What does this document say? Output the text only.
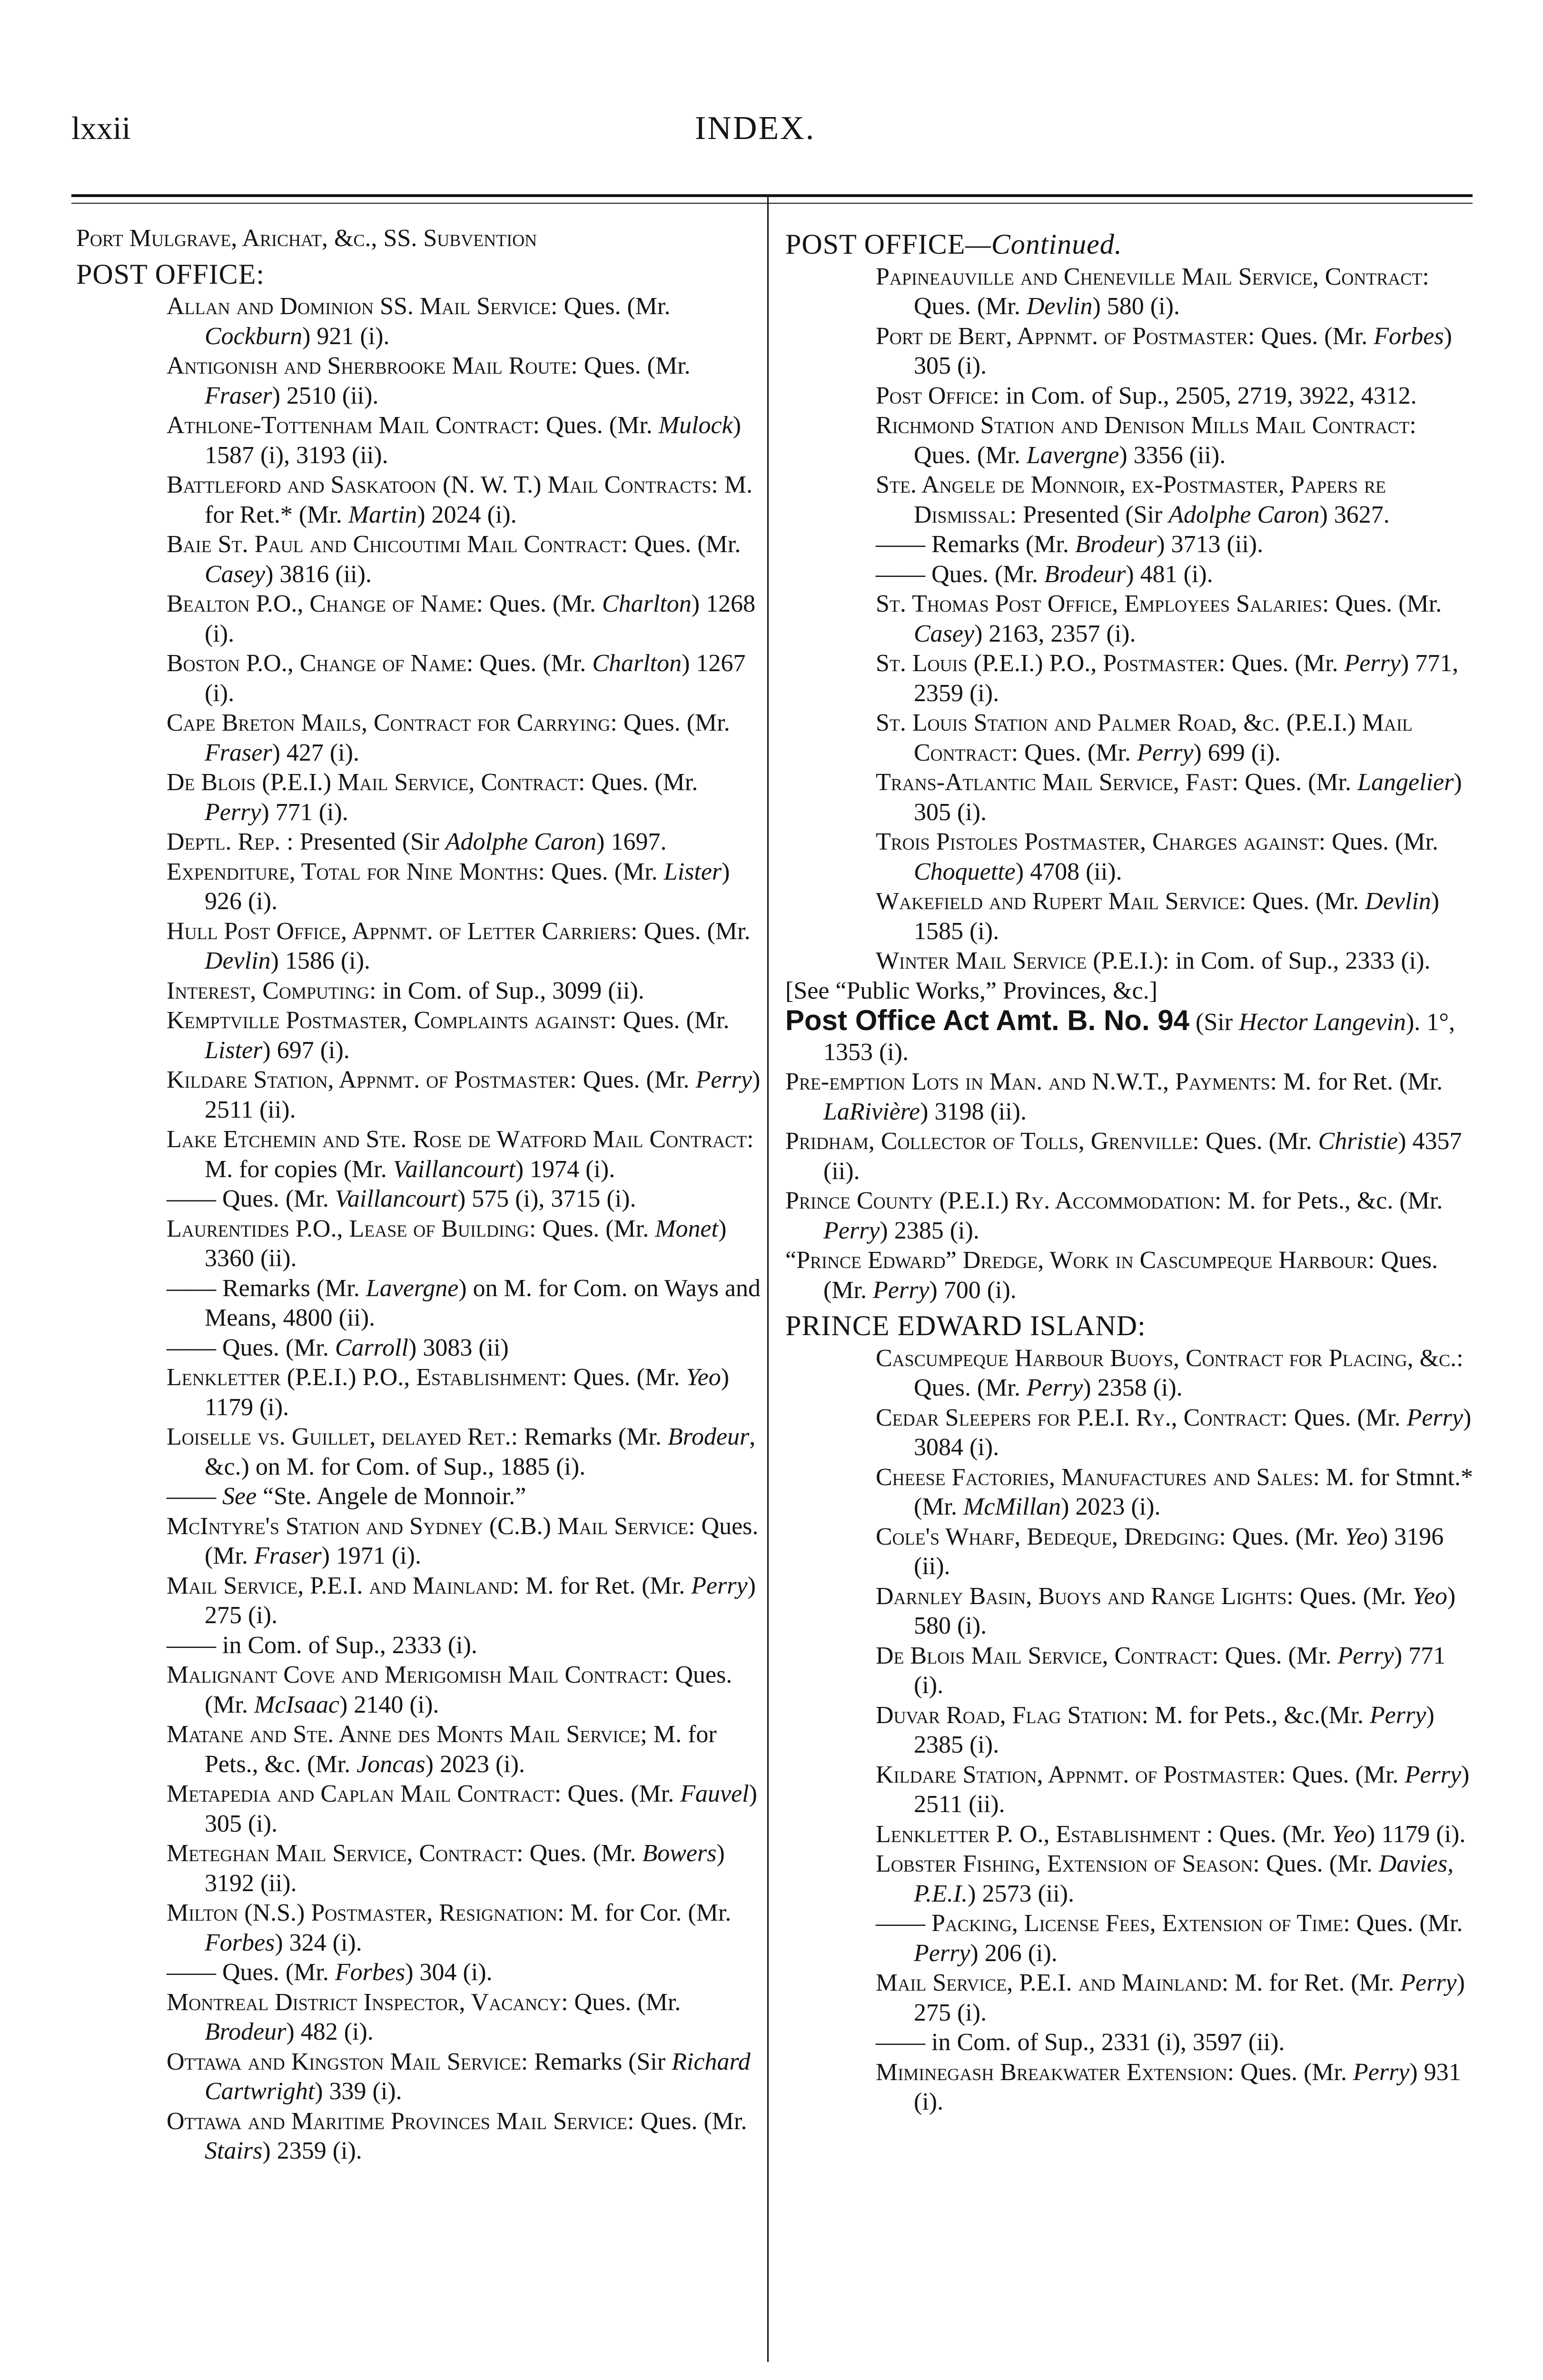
lxxii	INDEX.

Port Mulgrave, Arichat, &c., SS. Subvention

POST OFFICE:

Allan and Dominion SS. Mail Service: Ques. (Mr. Cockburn) 921 (i).

Antigonish and Sherbrooke Mail Route: Ques. (Mr. Fraser) 2510 (ii).

Athlone-Tottenham Mail Contract: Ques. (Mr. Mulock) 1587 (i), 3193 (ii).

Battleford and Saskatoon (N. W. T.) Mail Contracts: M. for Ret.* (Mr. Martin) 2024 (i).

Baie St. Paul and Chicoutimi Mail Contract: Ques. (Mr. Casey) 3816 (ii).

Bealton P.O., Change of Name: Ques. (Mr. Charlton) 1268 (i).

Boston P.O., Change of Name: Ques. (Mr. Charlton) 1267 (i).

Cape Breton Mails, Contract for Carrying: Ques. (Mr. Fraser) 427 (i).

De Blois (P.E.I.) Mail Service, Contract: Ques. (Mr. Perry) 771 (i).

Deptl. Rep. : Presented (Sir Adolphe Caron) 1697.

Expenditure, Total for Nine Months: Ques. (Mr. Lister) 926 (i).

Hull Post Office, Appnmt. of Letter Carriers: Ques. (Mr. Devlin) 1586 (i).

Interest, Computing: in Com. of Sup., 3099 (ii).

Kemptville Postmaster, Complaints against: Ques. (Mr. Lister) 697 (i).

Kildare Station, Appnmt. of Postmaster: Ques. (Mr. Perry) 2511 (ii).

Lake Etchemin and Ste. Rose de Watford Mail Contract: M. for copies (Mr. Vaillancourt) 1974 (i).

—— Ques. (Mr. Vaillancourt) 575 (i), 3715 (i).

Laurentides P.O., Lease of Building: Ques. (Mr. Monet) 3360 (ii).

—— Remarks (Mr. Lavergne) on M. for Com. on Ways and Means, 4800 (ii).

—— Ques. (Mr. Carroll) 3083 (ii)

Lenkletter (P.E.I.) P.O., Establishment: Ques. (Mr. Yeo) 1179 (i).

Loiselle vs. Guillet, delayed Ret.: Remarks (Mr. Brodeur, &c.) on M. for Com. of Sup., 1885 (i).

—— See “Ste. Angele de Monnoir.”

McIntyre's Station and Sydney (C.B.) Mail Service: Ques. (Mr. Fraser) 1971 (i).

Mail Service, P.E.I. and Mainland: M. for Ret. (Mr. Perry) 275 (i).

—— in Com. of Sup., 2333 (i).

Malignant Cove and Merigomish Mail Contract: Ques. (Mr. McIsaac) 2140 (i).

Matane and Ste. Anne des Monts Mail Service; M. for Pets., &c. (Mr. Joncas) 2023 (i).

Metapedia and Caplan Mail Contract: Ques. (Mr. Fauvel) 305 (i).

Meteghan Mail Service, Contract: Ques. (Mr. Bowers) 3192 (ii).

Milton (N.S.) Postmaster, Resignation: M. for Cor. (Mr. Forbes) 324 (i).

—— Ques. (Mr. Forbes) 304 (i).

Montreal District Inspector, Vacancy: Ques. (Mr. Brodeur) 482 (i).

Ottawa and Kingston Mail Service: Remarks (Sir Richard Cartwright) 339 (i).

Ottawa and Maritime Provinces Mail Service: Ques. (Mr. Stairs) 2359 (i).

POST OFFICE—Continued.

Papineauville and Cheneville Mail Service, Contract: Ques. (Mr. Devlin) 580 (i).

Port de Bert, Appnmt. of Postmaster: Ques. (Mr. Forbes) 305 (i).

Post Office: in Com. of Sup., 2505, 2719, 3922, 4312.

Richmond Station and Denison Mills Mail Contract: Ques. (Mr. Lavergne) 3356 (ii).

Ste. Angele de Monnoir, ex-Postmaster, Papers re Dismissal: Presented (Sir Adolphe Caron) 3627.

—— Remarks (Mr. Brodeur) 3713 (ii).

—— Ques. (Mr. Brodeur) 481 (i).

St. Thomas Post Office, Employees Salaries: Ques. (Mr. Casey) 2163, 2357 (i).

St. Louis (P.E.I.) P.O., Postmaster: Ques. (Mr. Perry) 771, 2359 (i).

St. Louis Station and Palmer Road, &c. (P.E.I.) Mail Contract: Ques. (Mr. Perry) 699 (i).

Trans-Atlantic Mail Service, Fast: Ques. (Mr. Langelier) 305 (i).

Trois Pistoles Postmaster, Charges against: Ques. (Mr. Choquette) 4708 (ii).

Wakefield and Rupert Mail Service: Ques. (Mr. Devlin) 1585 (i).

Winter Mail Service (P.E.I.): in Com. of Sup., 2333 (i).

[See “Public Works,” Provinces, &c.]

Post Office Act Amt. B. No. 94 (Sir Hector Langevin). 1°, 1353 (i).

Pre-emption Lots in Man. and N.W.T., Payments: M. for Ret. (Mr. LaRivière) 3198 (ii).

Pridham, Collector of Tolls, Grenville: Ques. (Mr. Christie) 4357 (ii).

Prince County (P.E.I.) Ry. Accommodation: M. for Pets., &c. (Mr. Perry) 2385 (i).

“Prince Edward” Dredge, Work in Cascumpeque Harbour: Ques. (Mr. Perry) 700 (i).

PRINCE EDWARD ISLAND:

Cascumpeque Harbour Buoys, Contract for Placing, &c.: Ques. (Mr. Perry) 2358 (i).

Cedar Sleepers for P.E.I. Ry., Contract: Ques. (Mr. Perry) 3084 (i).

Cheese Factories, Manufactures and Sales: M. for Stmnt.* (Mr. McMillan) 2023 (i).

Cole's Wharf, Bedeque, Dredging: Ques. (Mr. Yeo) 3196 (ii).

Darnley Basin, Buoys and Range Lights: Ques. (Mr. Yeo) 580 (i).

De Blois Mail Service, Contract: Ques. (Mr. Perry) 771 (i).

Duvar Road, Flag Station: M. for Pets., &c.(Mr. Perry) 2385 (i).

Kildare Station, Appnmt. of Postmaster: Ques. (Mr. Perry) 2511 (ii).

Lenkletter P. O., Establishment : Ques. (Mr. Yeo) 1179 (i).

Lobster Fishing, Extension of Season: Ques. (Mr. Davies, P.E.I.) 2573 (ii).

—— Packing, License Fees, Extension of Time: Ques. (Mr. Perry) 206 (i).

Mail Service, P.E.I. and Mainland: M. for Ret. (Mr. Perry) 275 (i).

—— in Com. of Sup., 2331 (i), 3597 (ii).

Miminegash Breakwater Extension: Ques. (Mr. Perry) 931 (i).
